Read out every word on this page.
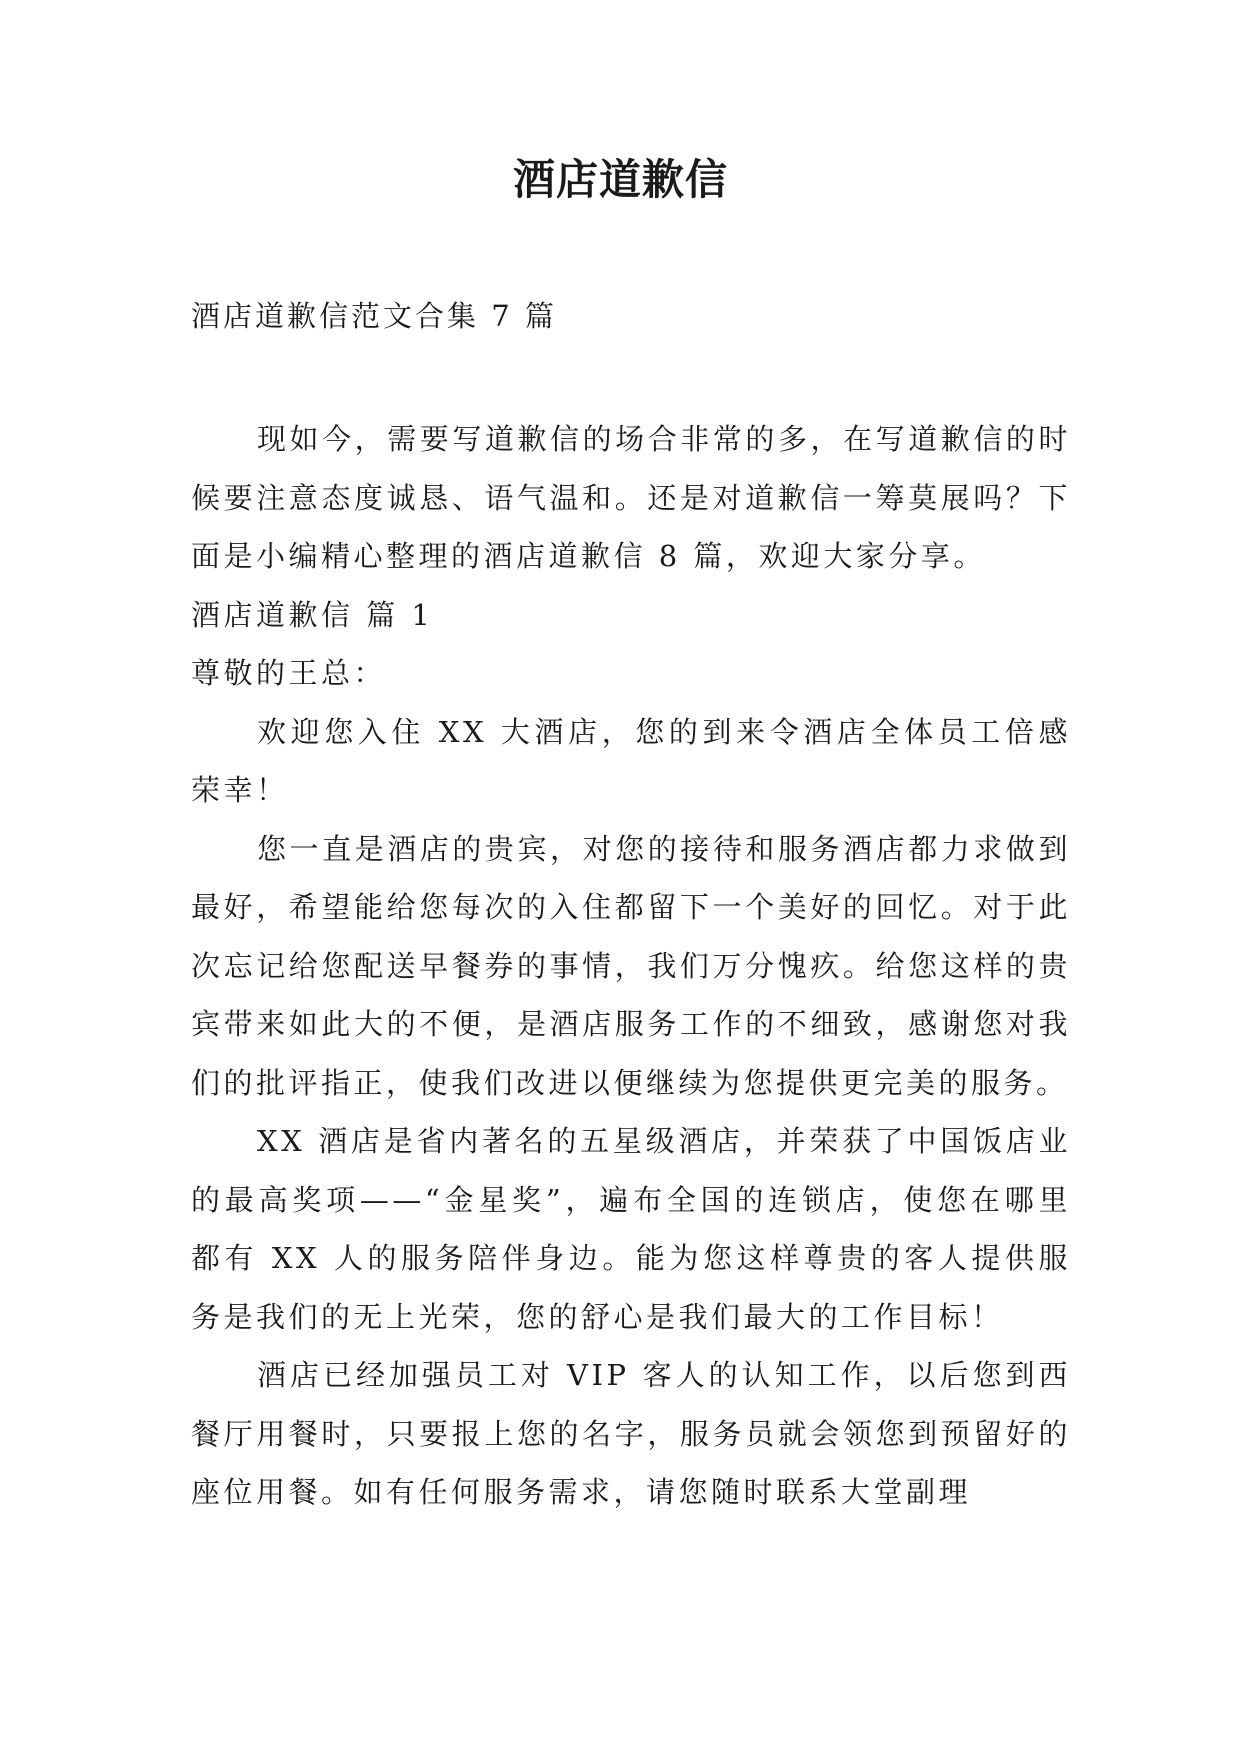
酒店道歉信
酒店道歉信范文合集 7 篇

现如今，需要写道歉信的场合非常的多，在写道歉信的时候要注意态度诚恳、语气温和。还是对道歉信一筹莫展吗？下面是小编精心整理的酒店道歉信 8 篇，欢迎大家分享。

酒店道歉信 篇 1

尊敬的王总：

欢迎您入住 XX 大酒店，您的到来令酒店全体员工倍感荣幸！

您一直是酒店的贵宾，对您的接待和服务酒店都力求做到最好，希望能给您每次的入住都留下一个美好的回忆。对于此次忘记给您配送早餐券的事情，我们万分愧疚。给您这样的贵宾带来如此大的不便，是酒店服务工作的不细致，感谢您对我们的批评指正，使我们改进以便继续为您提供更完美的服务。

XX 酒店是省内著名的五星级酒店，并荣获了中国饭店业的最高奖项——“金星奖”，遍布全国的连锁店，使您在哪里都有 XX 人的服务陪伴身边。能为您这样尊贵的客人提供服务是我们的无上光荣，您的舒心是我们最大的工作目标！

酒店已经加强员工对 VIP 客人的认知工作，以后您到西餐厅用餐时，只要报上您的名字，服务员就会领您到预留好的座位用餐。如有任何服务需求，请您随时联系大堂副理
